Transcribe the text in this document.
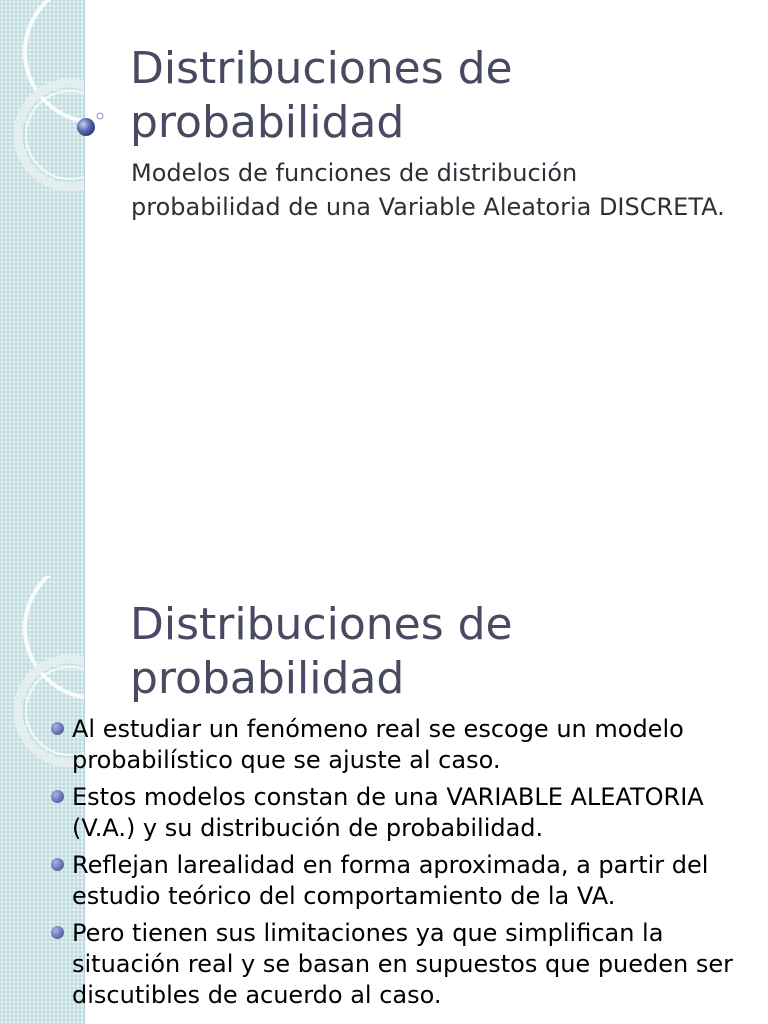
Distribuciones de probabilidad

Modelos de funciones de distribución probabilidad de una Variable Aleatoria DISCRETA.

Distribuciones de probabilidad
Al estudiar un fenómeno real se escoge un modelo probabilístico que se ajuste al caso.
Estos modelos constan de una VARIABLE ALEATORIA (V.A.) y su distribución de probabilidad.
Reflejan larealidad en forma aproximada, a partir del estudio teórico del comportamiento de la VA.
Pero tienen sus limitaciones ya que simplifican la situación real y se basan en supuestos que pueden ser discutibles de acuerdo al caso.
